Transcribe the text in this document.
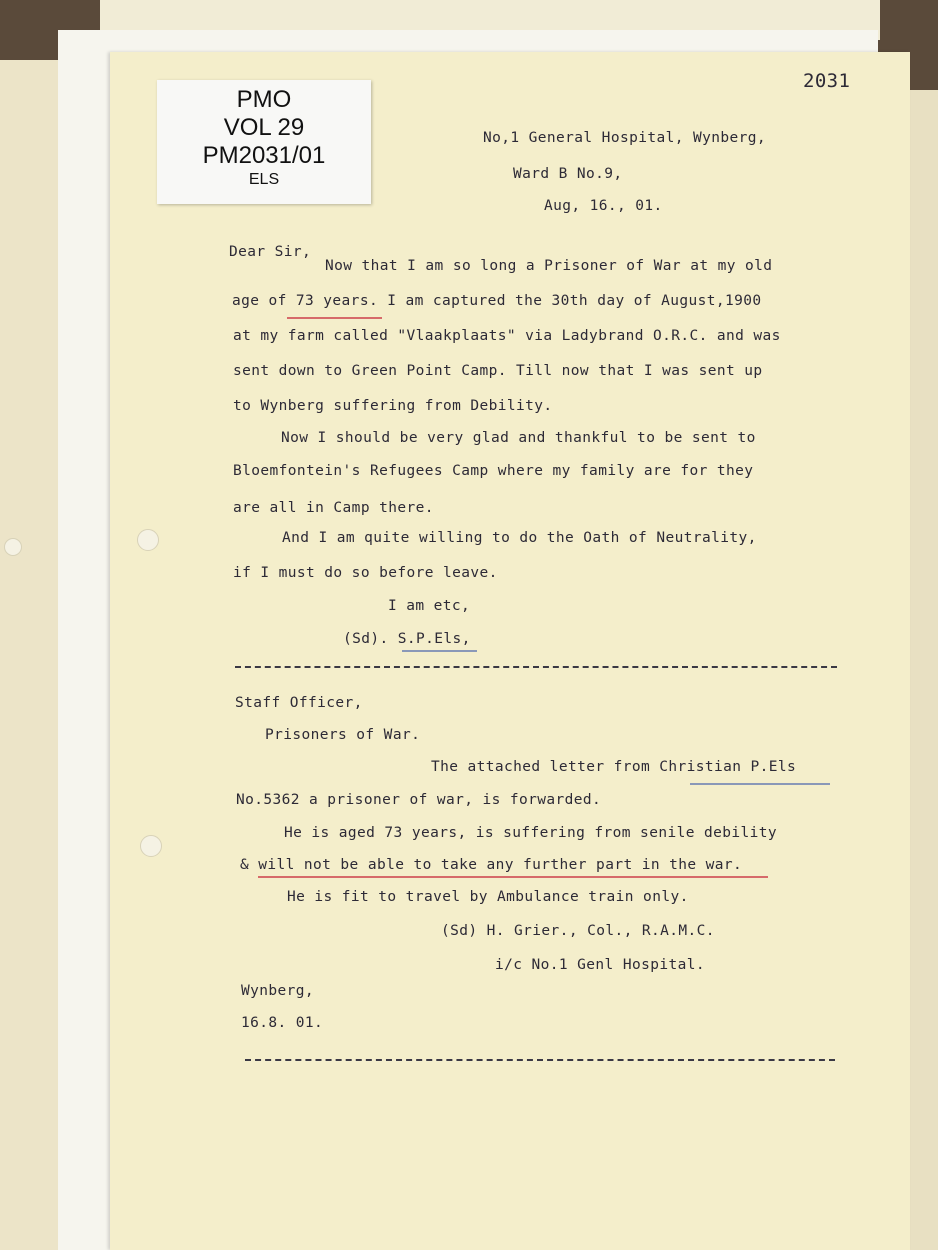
2031
PMO
VOL 29
PM2031/01
ELS
No,1 General Hospital, Wynberg,
Ward B No.9,
Aug, 16., 01.
Dear Sir,
Now that I am so long a Prisoner of War at my old
age of 73 years. I am captured the 30th day of August,1900
at my farm called "Vlaakplaats" via Ladybrand O.R.C. and was
sent down to Green Point Camp. Till now that I was sent up
to Wynberg suffering from Debility.
Now I should be very glad and thankful to be sent to
Bloemfontein's Refugees Camp where my family are for they
are all in Camp there.
And I am quite willing to do the Oath of Neutrality,
if I must do so before leave.
I am etc,
(Sd). S.P.Els,
Staff Officer,
Prisoners of War.
The attached letter from Christian P.Els
No.5362 a prisoner of war, is forwarded.
He is aged 73 years, is suffering from senile debility
& will not be able to take any further part in the war.
He is fit to travel by Ambulance train only.
(Sd) H. Grier., Col., R.A.M.C.
i/c No.1 Genl Hospital.
Wynberg,
16.8. 01.
